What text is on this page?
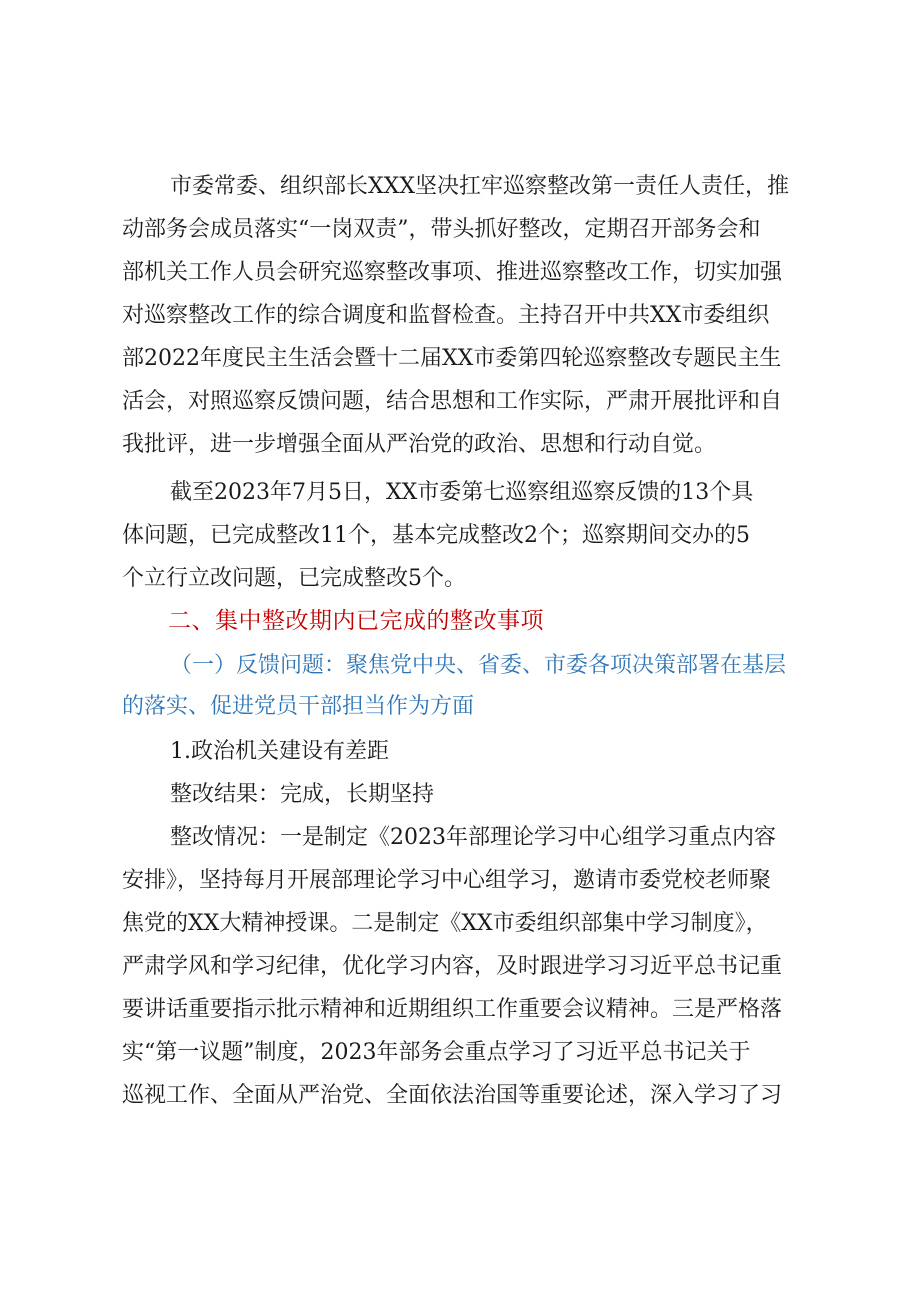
市委常委、组织部长XXX坚决扛牢巡察整改第一责任人责任，推
动部务会成员落实“一岗双责”，带头抓好整改，定期召开部务会和
部机关工作人员会研究巡察整改事项、推进巡察整改工作，切实加强
对巡察整改工作的综合调度和监督检查。主持召开中共XX市委组织
部2022年度民主生活会暨十二届XX市委第四轮巡察整改专题民主生
活会，对照巡察反馈问题，结合思想和工作实际，严肃开展批评和自
我批评，进一步增强全面从严治党的政治、思想和行动自觉。
截至2023年7月5日，XX市委第七巡察组巡察反馈的13个具
体问题，已完成整改11个，基本完成整改2个；巡察期间交办的5
个立行立改问题，已完成整改5个。
二、集中整改期内已完成的整改事项
（一）反馈问题：聚焦党中央、省委、市委各项决策部署在基层
的落实、促进党员干部担当作为方面
1.政治机关建设有差距
整改结果：完成，长期坚持
整改情况：一是制定《2023年部理论学习中心组学习重点内容
安排》，坚持每月开展部理论学习中心组学习，邀请市委党校老师聚
焦党的XX大精神授课。二是制定《XX市委组织部集中学习制度》，
严肃学风和学习纪律，优化学习内容，及时跟进学习习近平总书记重
要讲话重要指示批示精神和近期组织工作重要会议精神。三是严格落
实“第一议题”制度，2023年部务会重点学习了习近平总书记关于
巡视工作、全面从严治党、全面依法治国等重要论述，深入学习了习
